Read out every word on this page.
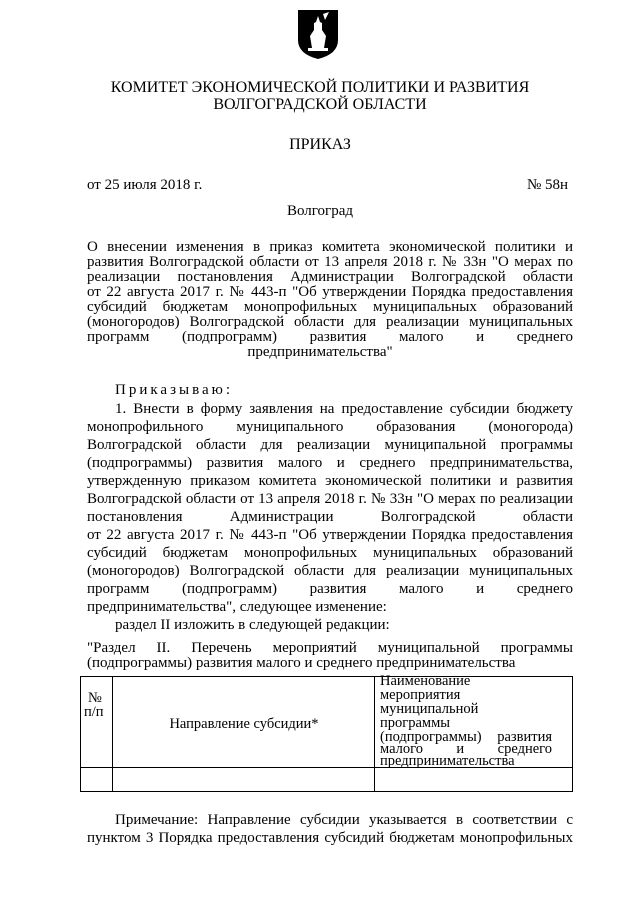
КОМИТЕТ ЭКОНОМИЧЕСКОЙ ПОЛИТИКИ И РАЗВИТИЯ
ВОЛГОГРАДСКОЙ ОБЛАСТИ
ПРИКАЗ
от 25 июля 2018 г.	№ 58н
Волгоград
О внесении изменения в приказ комитета экономической политики и
развития Волгоградской области от 13 апреля 2018 г. № 33н "О мерах по
реализации постановления Администрации Волгоградской области
от 22 августа 2017 г. № 443-п "Об утверждении Порядка предоставления
субсидий бюджетам монопрофильных муниципальных образований
(моногородов) Волгоградской области для реализации муниципальных
программ (подпрограмм) развития малого и среднего
предпринимательства"
Приказываю:
1. Внести в форму заявления на предоставление субсидии бюджету
монопрофильного муниципального образования (моногорода)
Волгоградской области для реализации муниципальной программы
(подпрограммы) развития малого и среднего предпринимательства,
утвержденную приказом комитета экономической политики и развития
Волгоградской области от 13 апреля 2018 г. № 33н "О мерах по реализации
постановления Администрации Волгоградской области
от 22 августа 2017 г. № 443-п "Об утверждении Порядка предоставления
субсидий бюджетам монопрофильных муниципальных образований
(моногородов) Волгоградской области для реализации муниципальных
программ (подпрограмм) развития малого и среднего
предпринимательства", следующее изменение:
раздел II изложить в следующей редакции:
"Раздел II. Перечень мероприятий муниципальной программы
(подпрограммы) развития малого и среднего предпринимательства
№
п/п
Направление субсидии*
Наименование
мероприятия
муниципальной
программы
(подпрограммы) развития
малого и среднего
предпринимательства
Примечание: Направление субсидии указывается в соответствии с
пунктом 3 Порядка предоставления субсидий бюджетам монопрофильных
